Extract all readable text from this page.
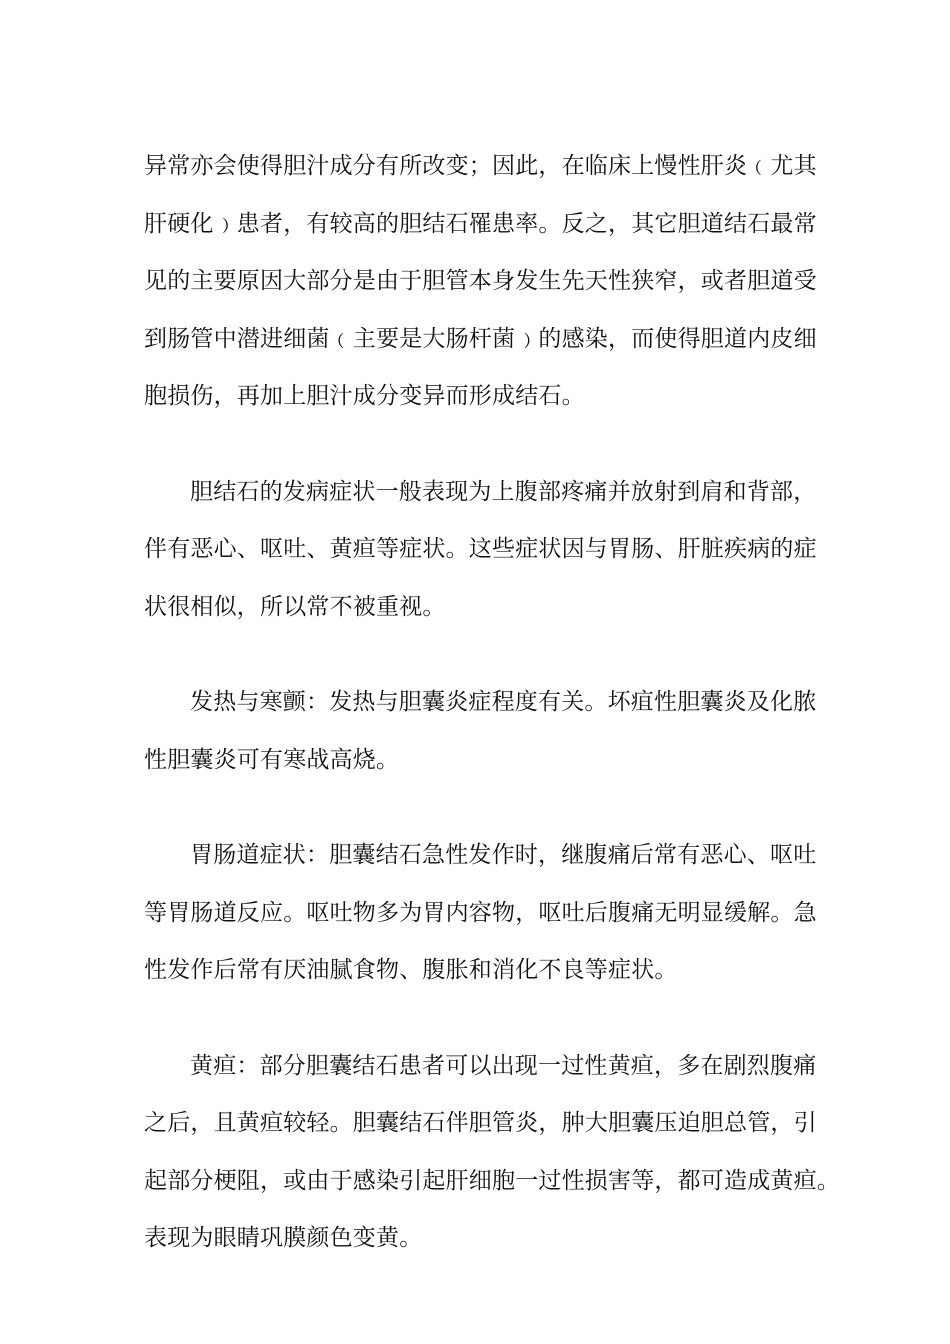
异常亦会使得胆汁成分有所改变；因此，在临床上慢性肝炎﹙尤其
肝硬化﹚患者，有较高的胆结石罹患率。反之，其它胆道结石最常
见的主要原因大部分是由于胆管本身发生先天性狭窄，或者胆道受
到肠管中潜进细菌﹙主要是大肠杆菌﹚的感染，而使得胆道内皮细
胞损伤，再加上胆汁成分变异而形成结石。

胆结石的发病症状一般表现为上腹部疼痛并放射到肩和背部，
伴有恶心、呕吐、黄疸等症状。这些症状因与胃肠、肝脏疾病的症
状很相似，所以常不被重视。

发热与寒颤：发热与胆囊炎症程度有关。坏疽性胆囊炎及化脓
性胆囊炎可有寒战高烧。

胃肠道症状：胆囊结石急性发作时，继腹痛后常有恶心、呕吐
等胃肠道反应。呕吐物多为胃内容物，呕吐后腹痛无明显缓解。急
性发作后常有厌油腻食物、腹胀和消化不良等症状。

黄疸：部分胆囊结石患者可以出现一过性黄疸，多在剧烈腹痛
之后，且黄疸较轻。胆囊结石伴胆管炎，肿大胆囊压迫胆总管，引
起部分梗阻，或由于感染引起肝细胞一过性损害等，都可造成黄疸。
表现为眼睛巩膜颜色变黄。
